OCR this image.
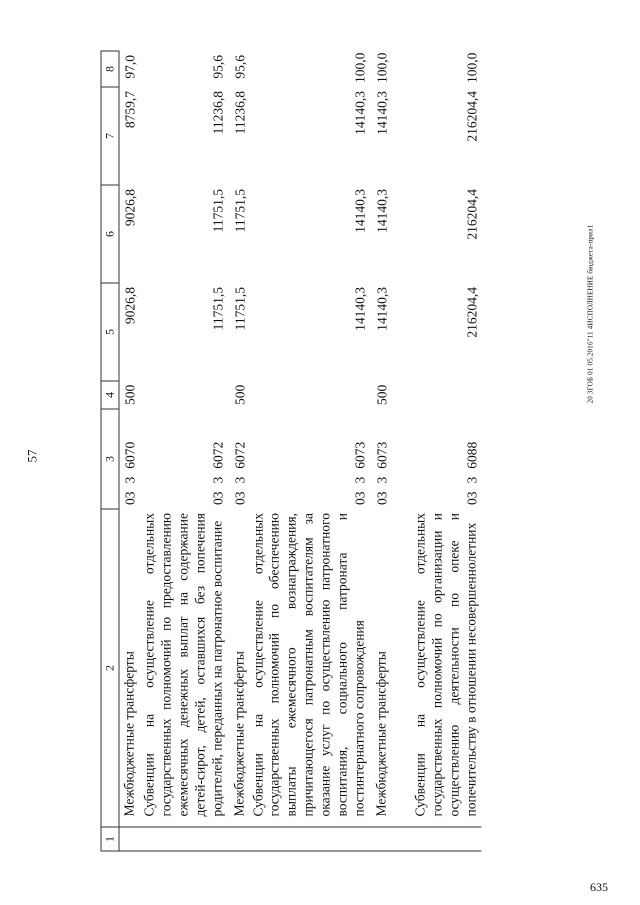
57
635
20 ЗГОБ 01 05.2016"11 4ИСПОЛНЕНИЕ бюджета-прил1
1	2	3	4	5	6	7	8
	Межбюджетные трансферты	0336070	500	9026,8	9026,8	8759,7	97,0
	Субвенции на осуществление отдельных государственных полномочий по предоставлению ежемесячных денежных выплат на содержание детей-сирот, детей, оставшихся без попечения родителей, переданных на патронатное воспитание	0336072		11751,5	11751,5	11236,8	95,6
	Межбюджетные трансферты	0336072	500	11751,5	11751,5	11236,8	95,6
	Субвенции на осуществление отдельных государственных полномочий по обеспечению выплаты ежемесячного вознаграждения, причитающегося патронатным воспитателям за оказание услуг по осуществлению патронатного воспитания, социального патроната и постинтернатного сопровождения	0336073		14140,3	14140,3	14140,3	100,0
	Межбюджетные трансферты	0336073	500	14140,3	14140,3	14140,3	100,0
	Субвенции на осуществление отдельных государственных полномочий по организации и осуществлению деятельности по опеке и попечительству в отношении несовершеннолетних	0336088		216204,4	216204,4	216204,4	100,0
